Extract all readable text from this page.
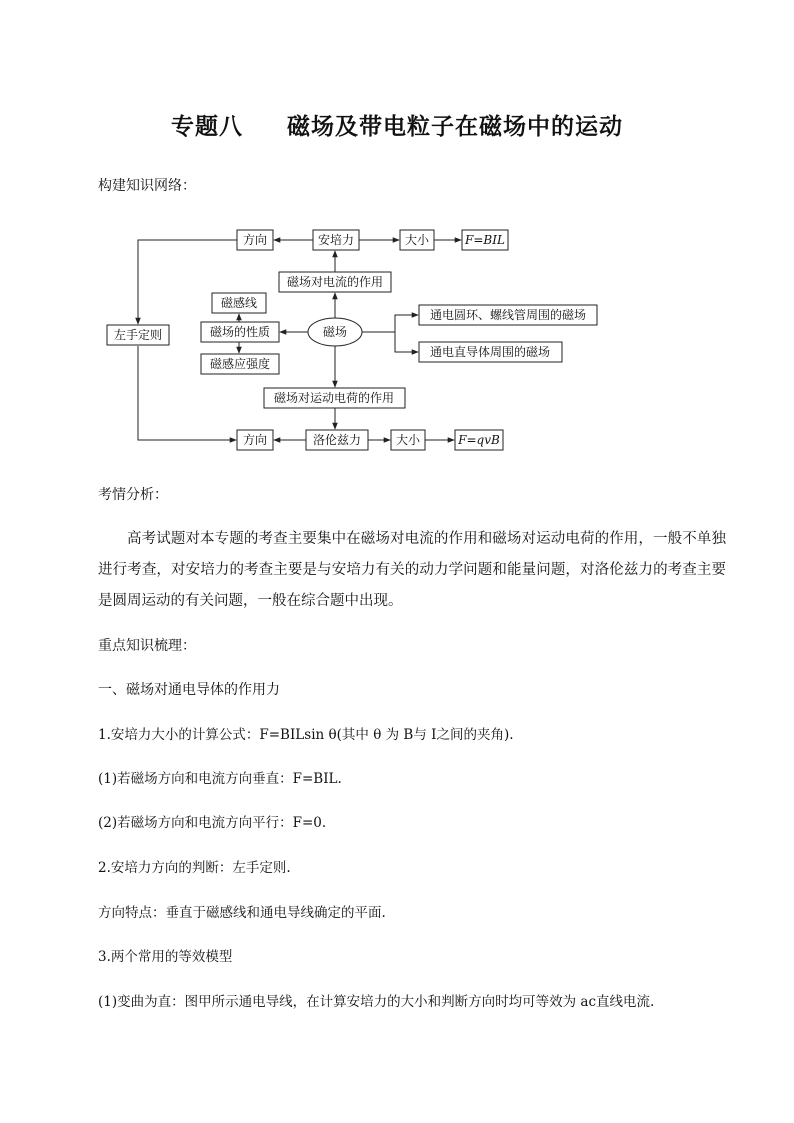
专题八 磁场及带电粒子在磁场中的运动
构建知识网络：
方向	安培力	大小	F=BIL
磁场对电流的作用
磁感线
磁场的性质
磁感应强度
磁场
左手定则
通电圆环、螺线管周围的磁场
通电直导体周围的磁场
磁场对运动电荷的作用
方向	洛伦兹力	大小	F=qvB
考情分析：
高考试题对本专题的考查主要集中在磁场对电流的作用和磁场对运动电荷的作用，一般不单独进行考查，对安培力的考查主要是与安培力有关的动力学问题和能量问题，对洛伦兹力的考查主要是圆周运动的有关问题，一般在综合题中出现。
重点知识梳理：
一、磁场对通电导体的作用力
1.安培力大小的计算公式：F=BILsin θ(其中 θ 为 B与 I之间的夹角).
(1)若磁场方向和电流方向垂直：F=BIL.
(2)若磁场方向和电流方向平行：F=0.
2.安培力方向的判断：左手定则.
方向特点：垂直于磁感线和通电导线确定的平面.
3.两个常用的等效模型
(1)变曲为直：图甲所示通电导线，在计算安培力的大小和判断方向时均可等效为 ac直线电流.
